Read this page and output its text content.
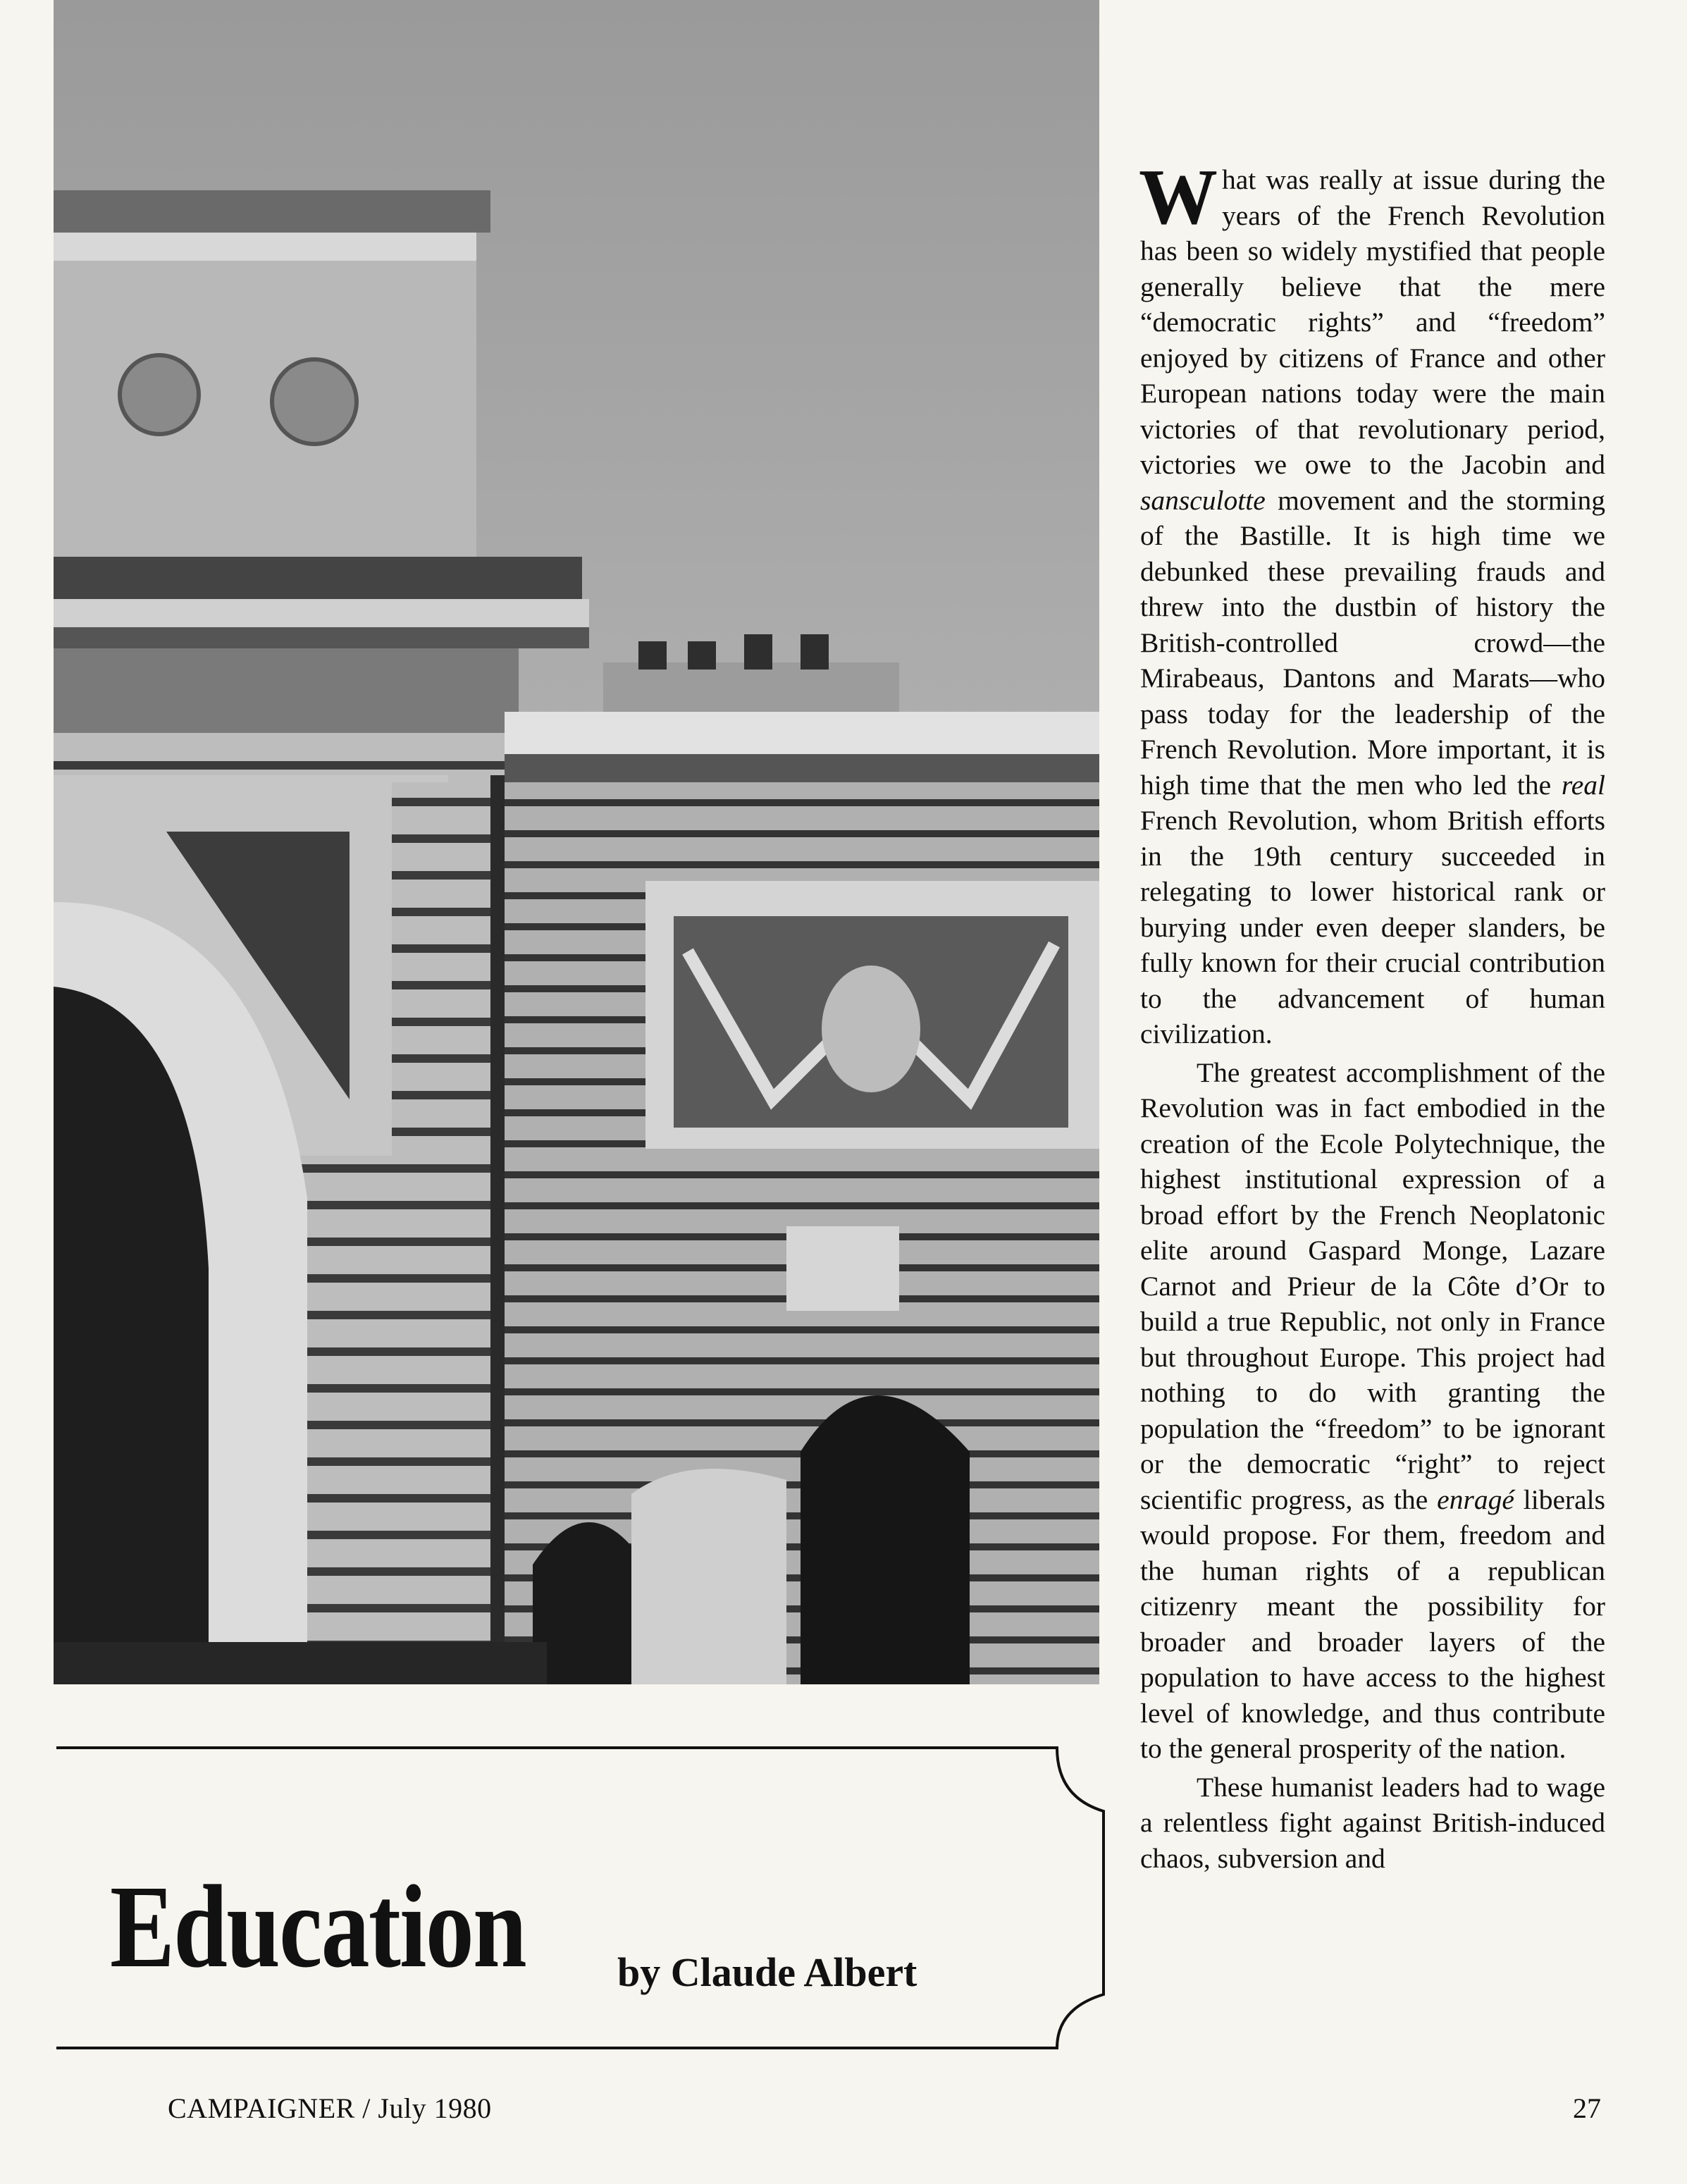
Education by Claude Albert

What was really at issue during the years of the French Revolution has been so widely mystified that people generally believe that the mere “democratic rights” and “freedom” enjoyed by citizens of France and other European nations today were the main victories of that revolutionary period, victories we owe to the Jacobin and sansculotte movement and the storming of the Bastille. It is high time we debunked these prevailing frauds and threw into the dustbin of history the British-controlled crowd—the Mirabeaus, Dantons and Marats—who pass today for the leadership of the French Revolution. More important, it is high time that the men who led the real French Revolution, whom British efforts in the 19th century succeeded in relegating to lower historical rank or burying under even deeper slanders, be fully known for their crucial contribution to the advancement of human civilization.

The greatest accomplishment of the Revolution was in fact embodied in the creation of the Ecole Polytechnique, the highest institutional expression of a broad effort by the French Neoplatonic elite around Gaspard Monge, Lazare Carnot and Prieur de la Côte d’Or to build a true Republic, not only in France but throughout Europe. This project had nothing to do with granting the population the “freedom” to be ignorant or the democratic “right” to reject scientific progress, as the enragé liberals would propose. For them, freedom and the human rights of a republican citizenry meant the possibility for broader and broader layers of the population to have access to the highest level of knowledge, and thus contribute to the general prosperity of the nation.

These humanist leaders had to wage a relentless fight against British-induced chaos, subversion and

CAMPAIGNER / July 1980	27
